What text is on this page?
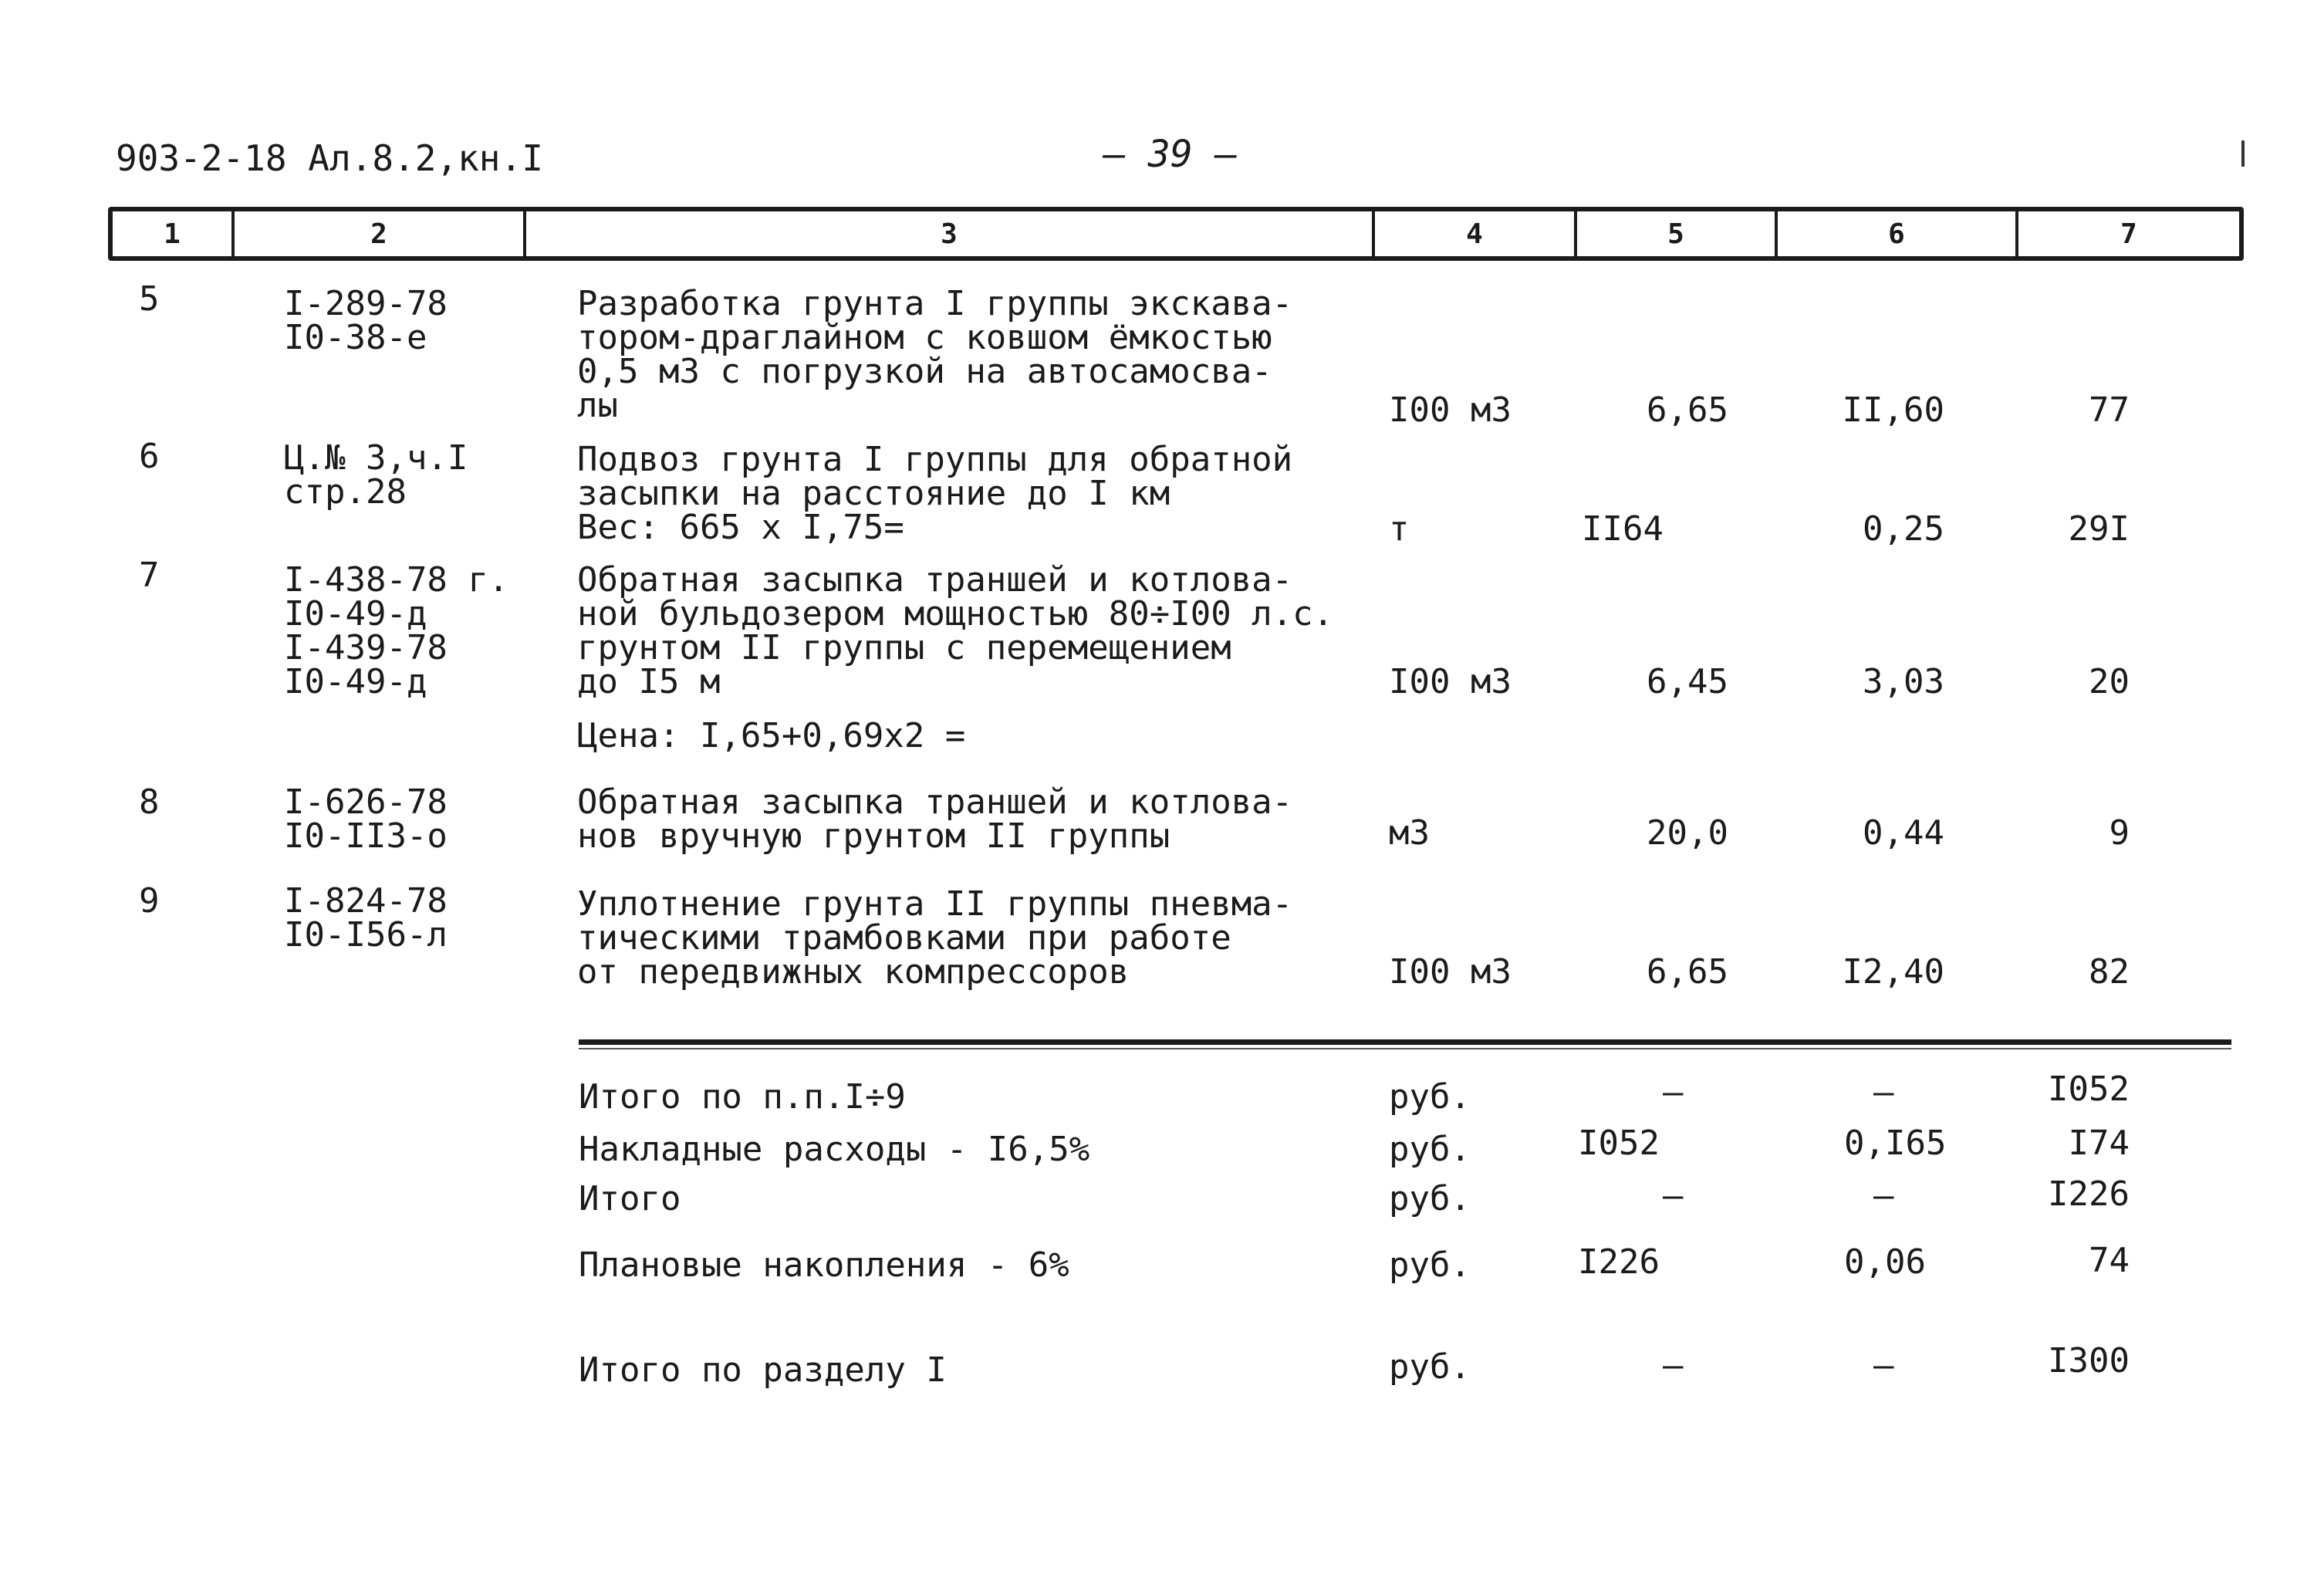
903-2-18 Ал.8.2,кн.I	— 39 —
1	2	3	4	5	6	7
5	I-289-78
I0-38-е
Разработка грунта I группы экскава-
тором-драглайном с ковшом ёмкостью
0,5 м3 с погрузкой на автосамосва-
лы	I00 м3	6,65	II,60	77
6	Ц.№ 3,ч.I
стр.28
Подвоз грунта I группы для обратной
засыпки на расстояние до I км
Вес: 665 х I,75=	т	II64	0,25	29I
7	I-438-78 г.
I0-49-д
I-439-78
I0-49-д
Обратная засыпка траншей и котлова-
ной бульдозером мощностью 80÷I00 л.с.
грунтом II группы с перемещением
до I5 м
Цена: I,65+0,69х2 =
I00 м3	6,45	3,03	20
8	I-626-78
I0-II3-о
Обратная засыпка траншей и котлова-
нов вручную грунтом II группы	м3	20,0	0,44	9
9	I-824-78
I0-I56-л
Уплотнение грунта II группы пневма-
тическими трамбовками при работе
от передвижных компрессоров	I00 м3	6,65	I2,40	82
Итого по п.п.I÷9	руб.	–	–	I052
Накладные расходы - I6,5%	руб.	I052	0,I65	I74
Итого	руб.	–	–	I226
Плановые накопления - 6%	руб.	I226	0,06	74
Итого по разделу I	руб.	–	–	I300
